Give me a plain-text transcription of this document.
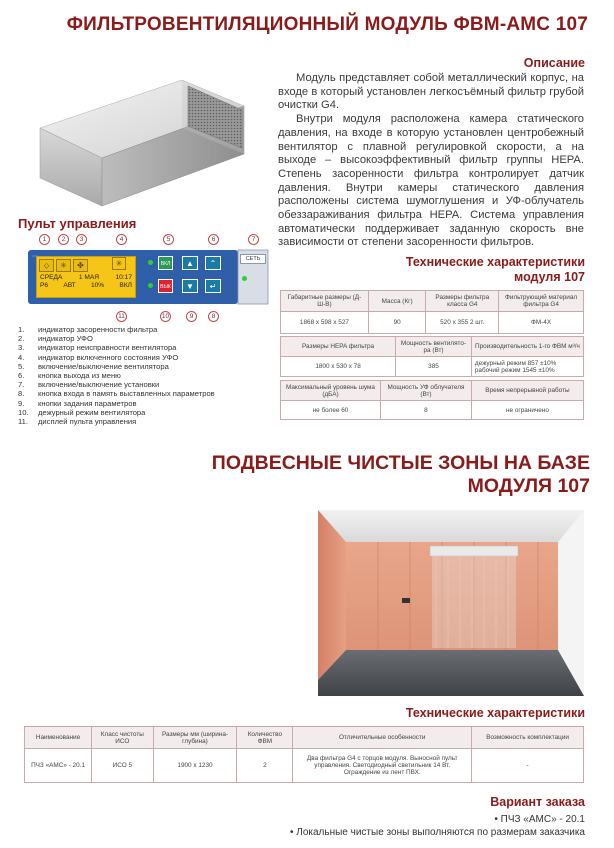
ФИЛЬТРОВЕНТИЛЯЦИОННЫЙ МОДУЛЬ ФВМ-АМС 107
Описание

Модуль представляет собой металлический корпус, на входе в который установлен легкосъёмный фильтр грубой очистки G4.

Внутри модуля расположена камера статического давления, на входе в которую установлен центробежный вентилятор с плавной регулировкой скорости, а на выходе – высокоэффективный фильтр группы HEPA. Степень засоренности фильтра контролирует датчик давления. Внутри камеры статического давления расположены система шумоглушения и УФ-облучатель обеззараживания фильтра HEPA. Система управления автоматически поддерживает заданную скорость вне зависимости от степени засоренности фильтров.

Пульт управления
1	2	3	4	5	6	7
8
9
10
11
⬦	✳	✤
СРЕДА 1 МАЯ 10:17
Р6 АВТ 10% ВКЛ
✳	ВКЛ
ВЫК
▲
▼
⌃
↵
СЕТЬ
1.	индикатор засоренности фильтра
2.	индикатор УФО
3.	индикатор неисправности вентилятора
4.	индикатор включенного состояния УФО
5.	включение/выключение вентилятора
6.	кнопка выхода из меню
7.	включение/выключение установки
8.	кнопка входа в память выставленных параметров
9.	кнопки задания параметров
10.	дежурный режим вентилятора
11.	дисплей пульта управления
Технические характеристики
модуля 107
Габаритные размеры (Д-Ш-В)	Масса (Кг)	Размеры фильтра класса G4	Фильтрующий материал фильтра G4
1868 х 598 х 527	90	520 х 355 2 шт.	ФМ-4Х
Размеры HEPA фильтра	Мощность вентилято-ра (Вт)	Производительность 1-го ФВМ м³/ч
1800 х 530 х 78	385	дежурный режим 857 ±10%
рабочий режим 1545 ±10%
Максимальный уровень шума (дБА)	Мощность УФ облучателя (Вт)	Время непрерывной работы
не более 60	8	не ограничено
ПОДВЕСНЫЕ ЧИСТЫЕ ЗОНЫ НА БАЗЕ
МОДУЛЯ 107
Технические характеристики
Наименование	Класс чистоты ИСО	Размеры мм (ширина-глубина)	Количество ФВМ	Отличительные особенности	Возможность комплектации
ПЧЗ «АМС» - 20.1	ИСО 5	1900 х 1230	2	Два фильтра G4 с торцов модуля. Выносной пульт управления. Светодиодный светильник 14 Вт. Ограждение из лент ПВХ.	-
Вариант заказа
• ПЧЗ «АМС» - 20.1
• Локальные чистые зоны выполняются по размерам заказчика
